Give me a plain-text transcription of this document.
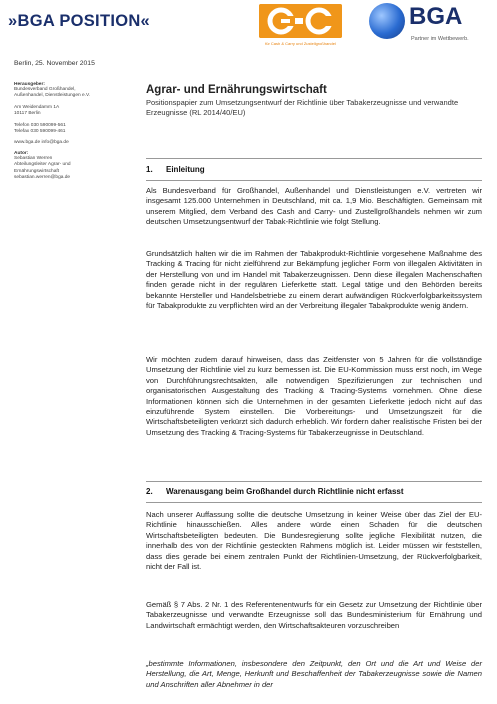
»BGA POSITION«
für Cash & Carry und Zustellgroßhandel
BGA
Partner im Wettbewerb.
Berlin, 25. November 2015
Herausgeber:
Bundesverband Großhandel,
Außenhandel, Dienstleistungen e.V.
Am Weidendamm 1A
10117 Berlin
Telefon 030 590099-561
Telefax 030 590099-461
www.bga.de info@bga.de
Autor:
Sebastian Werren
Abteilungsleiter Agrar- und
Ernährungswirtschaft
sebastian.werren@bga.de
Agrar- und Ernährungswirtschaft
Positionspapier zum Umsetzungsentwurf der Richtlinie über Tabakerzeugnisse und verwandte Erzeugnisse (RL 2014/40/EU)
1. Einleitung

Als Bundesverband für Großhandel, Außenhandel und Dienstleistungen e.V. vertreten wir insgesamt 125.000 Unternehmen in Deutschland, mit ca. 1,9 Mio. Beschäftigten. Gemeinsam mit unserem Mitglied, dem Verband des Cash and Carry- und Zustellgroßhandels nehmen wir zum deutschen Umsetzungsentwurf der Tabak-Richtlinie wie folgt Stellung.

Grundsätzlich halten wir die im Rahmen der Tabakprodukt-Richtlinie vorgesehene Maßnahme des Tracking & Tracing für nicht zielführend zur Bekämpfung jeglicher Form von illegalen Aktivitäten in der Herstellung von und im Handel mit Tabakerzeugnissen. Denn diese illegalen Machenschaften finden gerade nicht in der regulären Lieferkette statt. Legal tätige und den Behörden bereits bekannte Hersteller und Handelsbetriebe zu einem derart aufwändigen Rückverfolgbarkeitssystem für Tabakprodukte zu verpflichten wird an der Verbreitung illegaler Tabakprodukte wenig ändern.

Wir möchten zudem darauf hinweisen, dass das Zeitfenster von 5 Jahren für die vollständige Umsetzung der Richtlinie viel zu kurz bemessen ist. Die EU-Kommission muss erst noch, im Wege von Durchführungsrechtsakten, alle notwendigen Spezifizierungen zur technischen und organisatorischen Ausgestaltung des Tracking & Tracing-Systems vornehmen. Ohne diese Informationen können sich die Unternehmen in der gesamten Lieferkette jedoch nicht auf das einzuführende System einstellen. Die Vorbereitungs- und Umsetzungszeit für die Wirtschaftsbeteiligten verkürzt sich dadurch erheblich. Wir fordern daher realistische Fristen bei der Umsetzung des Tracking & Tracing-Systems für Tabakerzeugnisse in Deutschland.

2. Warenausgang beim Großhandel durch Richtlinie nicht erfasst

Nach unserer Auffassung sollte die deutsche Umsetzung in keiner Weise über das Ziel der EU-Richtlinie hinausschießen. Alles andere würde einen Schaden für die deutschen Wirtschaftsbeteiligten bedeuten. Die Bundesregierung sollte jegliche Flexibilität nutzen, die innerhalb des von der Richtlinie gesteckten Rahmens möglich ist. Leider müssen wir feststellen, dass dies gerade bei einem zentralen Punkt der Richtlinien-Umsetzung, der Rückverfolgbarkeit, nicht der Fall ist.

Gemäß § 7 Abs. 2 Nr. 1 des Referentenentwurfs für ein Gesetz zur Umsetzung der Richtlinie über Tabakerzeugnisse und verwandte Erzeugnisse soll das Bundesministerium für Ernährung und Landwirtschaft ermächtigt werden, den Wirtschaftsakteuren vorzuschreiben

„bestimmte Informationen, insbesondere den Zeitpunkt, den Ort und die Art und Weise der Herstellung, die Art, Menge, Herkunft und Beschaffenheit der Tabakerzeugnisse sowie die Namen und Anschriften aller Abnehmer in der
